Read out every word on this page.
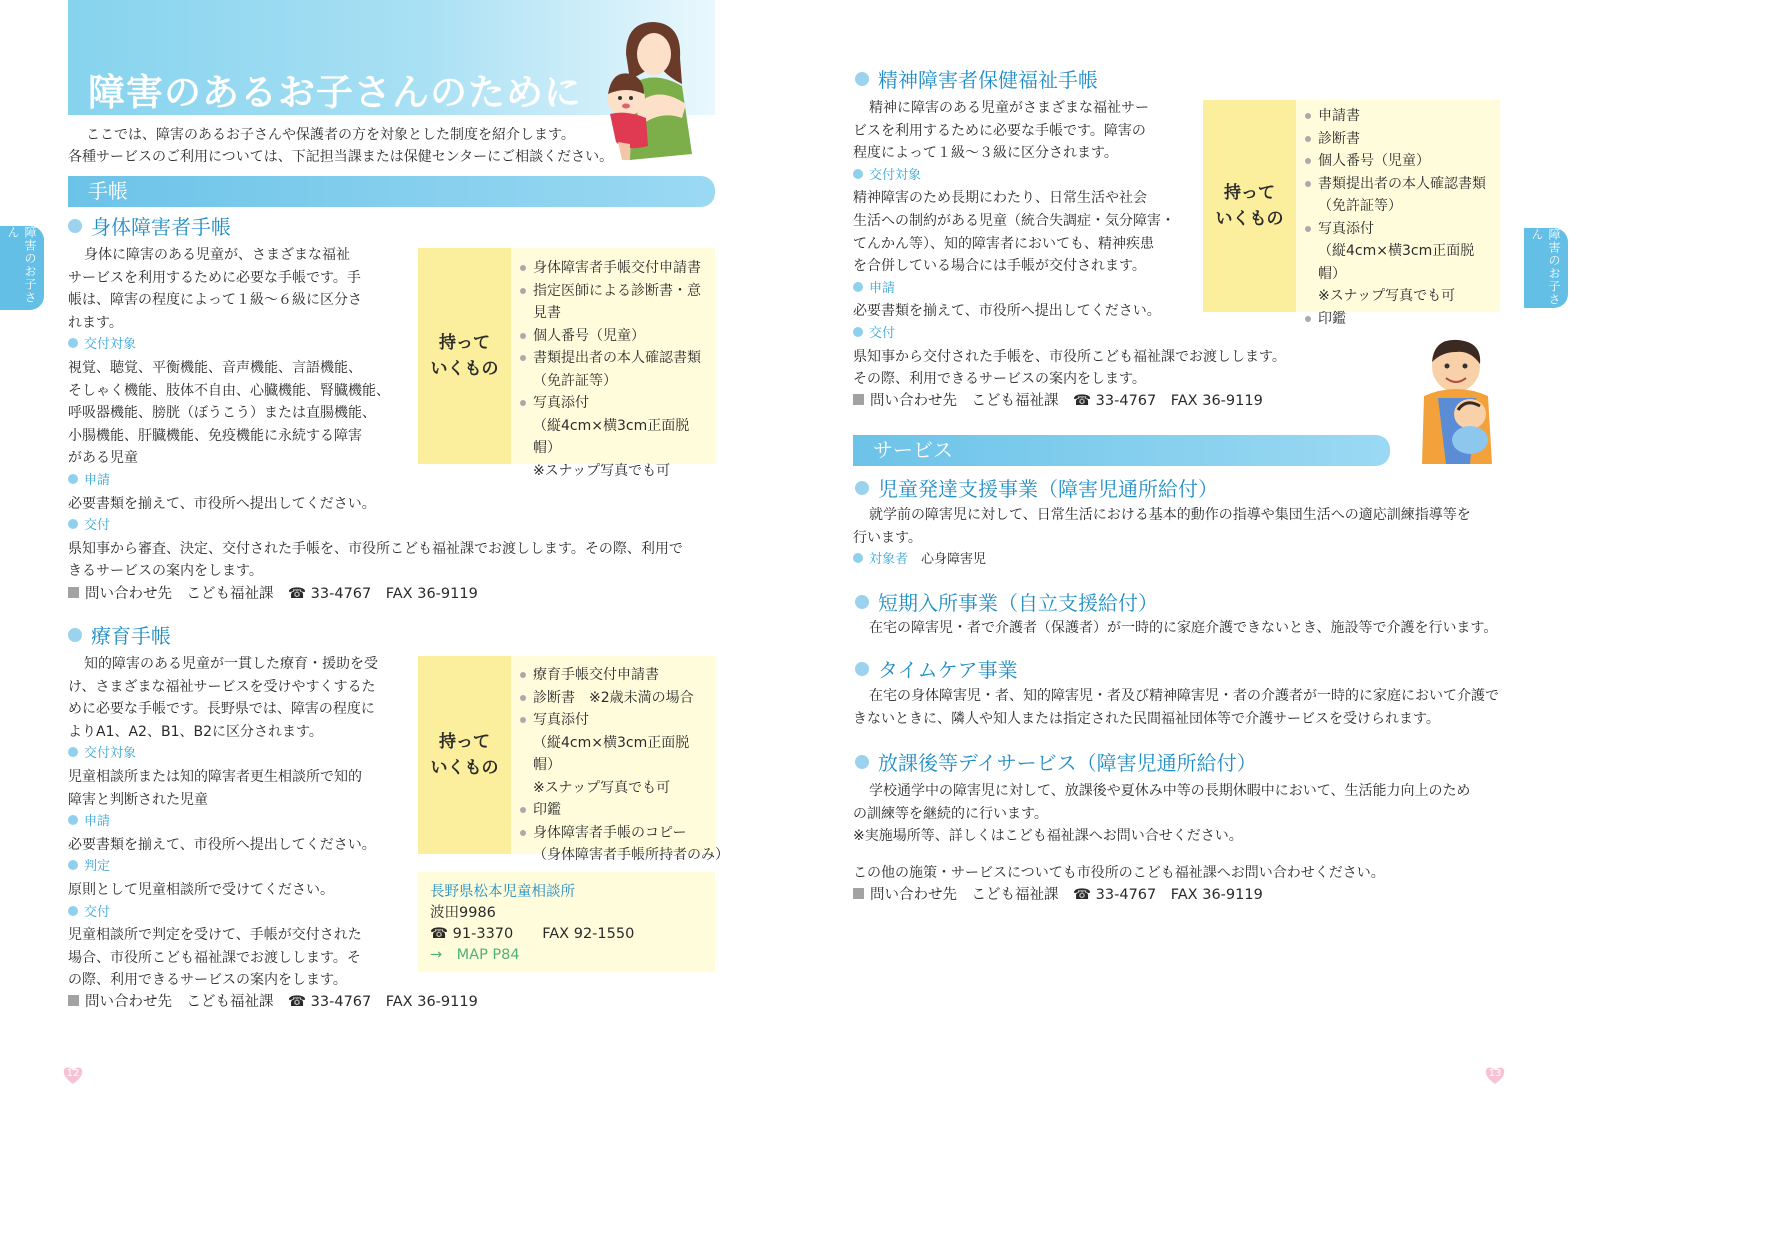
障害のあるお子さんのために
ここでは、障害のあるお子さんや保護者の方を対象とした制度を紹介します。
各種サービスのご利用については、下記担当課または保健センターにご相談ください。
手帳
障害のお子さん	身体障害者手帳
身体に障害のある児童が、さまざまな福祉
サービスを利用するために必要な手帳です。手
帳は、障害の程度によって１級〜６級に区分さ
れます。
交付対象
視覚、聴覚、平衡機能、音声機能、言語機能、
そしゃく機能、肢体不自由、心臓機能、腎臓機能、
呼吸器機能、膀胱（ぼうこう）または直腸機能、
小腸機能、肝臓機能、免疫機能に永続する障害
がある児童
申請
必要書類を揃えて、市役所へ提出してください。
交付
県知事から審査、決定、交付された手帳を、市役所こども福祉課でお渡しします。その際、利用で
きるサービスの案内をします。
問い合わせ先　こども福祉課　☎ 33-4767　FAX 36-9119
持って
いくもの
身体障害者手帳交付申請書
指定医師による診断書・意
見書
個人番号（児童）
書類提出者の本人確認書類
（免許証等）
写真添付
（縦4cm×横3cm正面脱帽）
※スナップ写真でも可
療育手帳
知的障害のある児童が一貫した療育・援助を受
け、さまざまな福祉サービスを受けやすくするた
めに必要な手帳です。長野県では、障害の程度に
よりA1、A2、B1、B2に区分されます。
交付対象
児童相談所または知的障害者更生相談所で知的
障害と判断された児童
申請
必要書類を揃えて、市役所へ提出してください。
判定
原則として児童相談所で受けてください。
交付
児童相談所で判定を受けて、手帳が交付された
場合、市役所こども福祉課でお渡しします。そ
の際、利用できるサービスの案内をします。
問い合わせ先　こども福祉課　☎ 33-4767　FAX 36-9119
持って
いくもの
療育手帳交付申請書
診断書　※2歳未満の場合
写真添付
（縦4cm×横3cm正面脱帽）
※スナップ写真でも可
印鑑
身体障害者手帳のコピー
（身体障害者手帳所持者のみ）
長野県松本児童相談所
波田9986
☎ 91-3370　　FAX 92-1550
→　MAP P84
12
精神障害者保健福祉手帳
精神に障害のある児童がさまざまな福祉サー
ビスを利用するために必要な手帳です。障害の
程度によって１級〜３級に区分されます。
交付対象
精神障害のため長期にわたり、日常生活や社会
生活への制約がある児童（統合失調症・気分障害・
てんかん等）、知的障害者においても、精神疾患
を合併している場合には手帳が交付されます。
申請
必要書類を揃えて、市役所へ提出してください。
交付
県知事から交付された手帳を、市役所こども福祉課でお渡しします。
その際、利用できるサービスの案内をします。
問い合わせ先　こども福祉課　☎ 33-4767　FAX 36-9119
持って
いくもの
申請書
診断書
個人番号（児童）
書類提出者の本人確認書類
（免許証等）
写真添付
（縦4cm×横3cm正面脱帽）
※スナップ写真でも可
印鑑
サービス
障害のお子さん
児童発達支援事業（障害児通所給付）
就学前の障害児に対して、日常生活における基本的動作の指導や集団生活への適応訓練指導等を
行います。
対象者　 心身障害児
短期入所事業（自立支援給付）
在宅の障害児・者で介護者（保護者）が一時的に家庭介護できないとき、施設等で介護を行います。
タイムケア事業
在宅の身体障害児・者、知的障害児・者及び精神障害児・者の介護者が一時的に家庭において介護で
きないときに、隣人や知人または指定された民間福祉団体等で介護サービスを受けられます。
放課後等デイサービス（障害児通所給付）
学校通学中の障害児に対して、放課後や夏休み中等の長期休暇中において、生活能力向上のため
の訓練等を継続的に行います。
※実施場所等、詳しくはこども福祉課へお問い合せください。
この他の施策・サービスについても市役所のこども福祉課へお問い合わせください。
問い合わせ先　こども福祉課　☎ 33-4767　FAX 36-9119
13
